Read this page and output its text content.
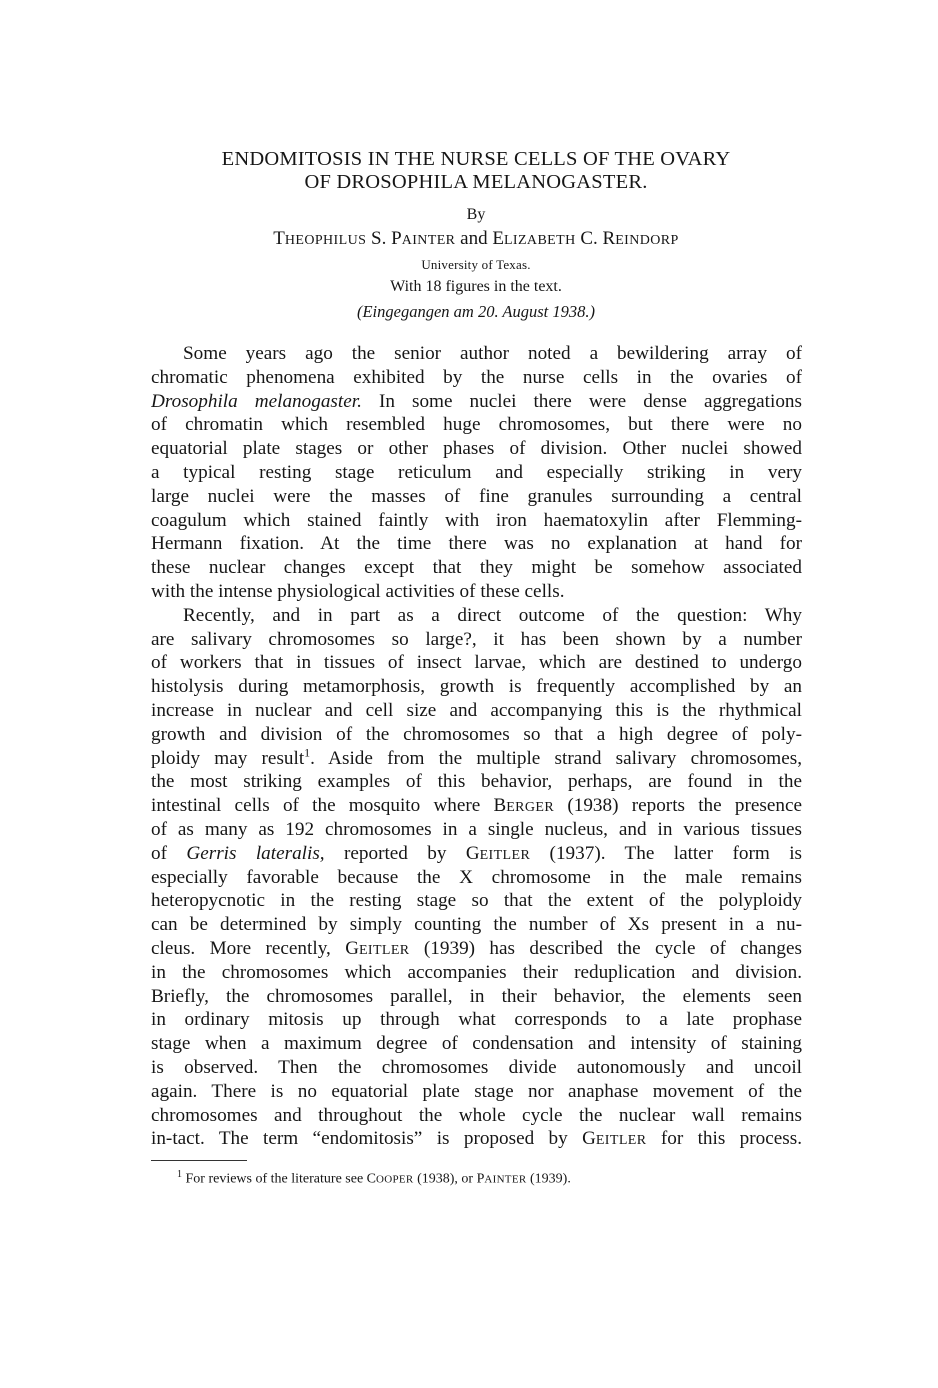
ENDOMITOSIS IN THE NURSE CELLS OF THE OVARY
OF DROSOPHILA MELANOGASTER.
By
THEOPHILUS S. PAINTER and ELIZABETH C. REINDORP
University of Texas.
With 18 figures in the text.
(Eingegangen am 20. August 1938.)
Some years ago the senior author noted a bewildering array of
chromatic phenomena exhibited by the nurse cells in the ovaries of
Drosophila melanogaster. In some nuclei there were dense aggregations
of chromatin which resembled huge chromosomes, but there were no
equatorial plate stages or other phases of division. Other nuclei showed
a typical resting stage reticulum and especially striking in very
large nuclei were the masses of fine granules surrounding a central
coagulum which stained faintly with iron haematoxylin after Flemming-
Hermann fixation. At the time there was no explanation at hand for
these nuclear changes except that they might be somehow associated
with the intense physiological activities of these cells.
Recently, and in part as a direct outcome of the question: Why
are salivary chromosomes so large?, it has been shown by a number
of workers that in tissues of insect larvae, which are destined to undergo
histolysis during metamorphosis, growth is frequently accomplished by an
increase in nuclear and cell size and accompanying this is the rhythmical
growth and division of the chromosomes so that a high degree of poly-
ploidy may result$^1$. Aside from the multiple strand salivary chromosomes,
the most striking examples of this behavior, perhaps, are found in the
intestinal cells of the mosquito where BERGER (1938) reports the presence
of as many as 192 chromosomes in a single nucleus, and in various tissues
of Gerris lateralis, reported by GEITLER (1937). The latter form is
especially favorable because the X chromosome in the male remains
heteropycnotic in the resting stage so that the extent of the polyploidy
can be determined by simply counting the number of Xs present in a nu-
cleus. More recently, GEITLER (1939) has described the cycle of changes
in the chromosomes which accompanies their reduplication and division.
Briefly, the chromosomes parallel, in their behavior, the elements seen
in ordinary mitosis up through what corresponds to a late prophase
stage when a maximum degree of condensation and intensity of staining
is observed. Then the chromosomes divide autonomously and uncoil
again. There is no equatorial plate stage nor anaphase movement of the
chromosomes and throughout the whole cycle the nuclear wall remains
in-tact. The term “endomitosis” is proposed by GEITLER for this process.
$^1$ For reviews of the literature see COOPER (1938), or PAINTER (1939).
